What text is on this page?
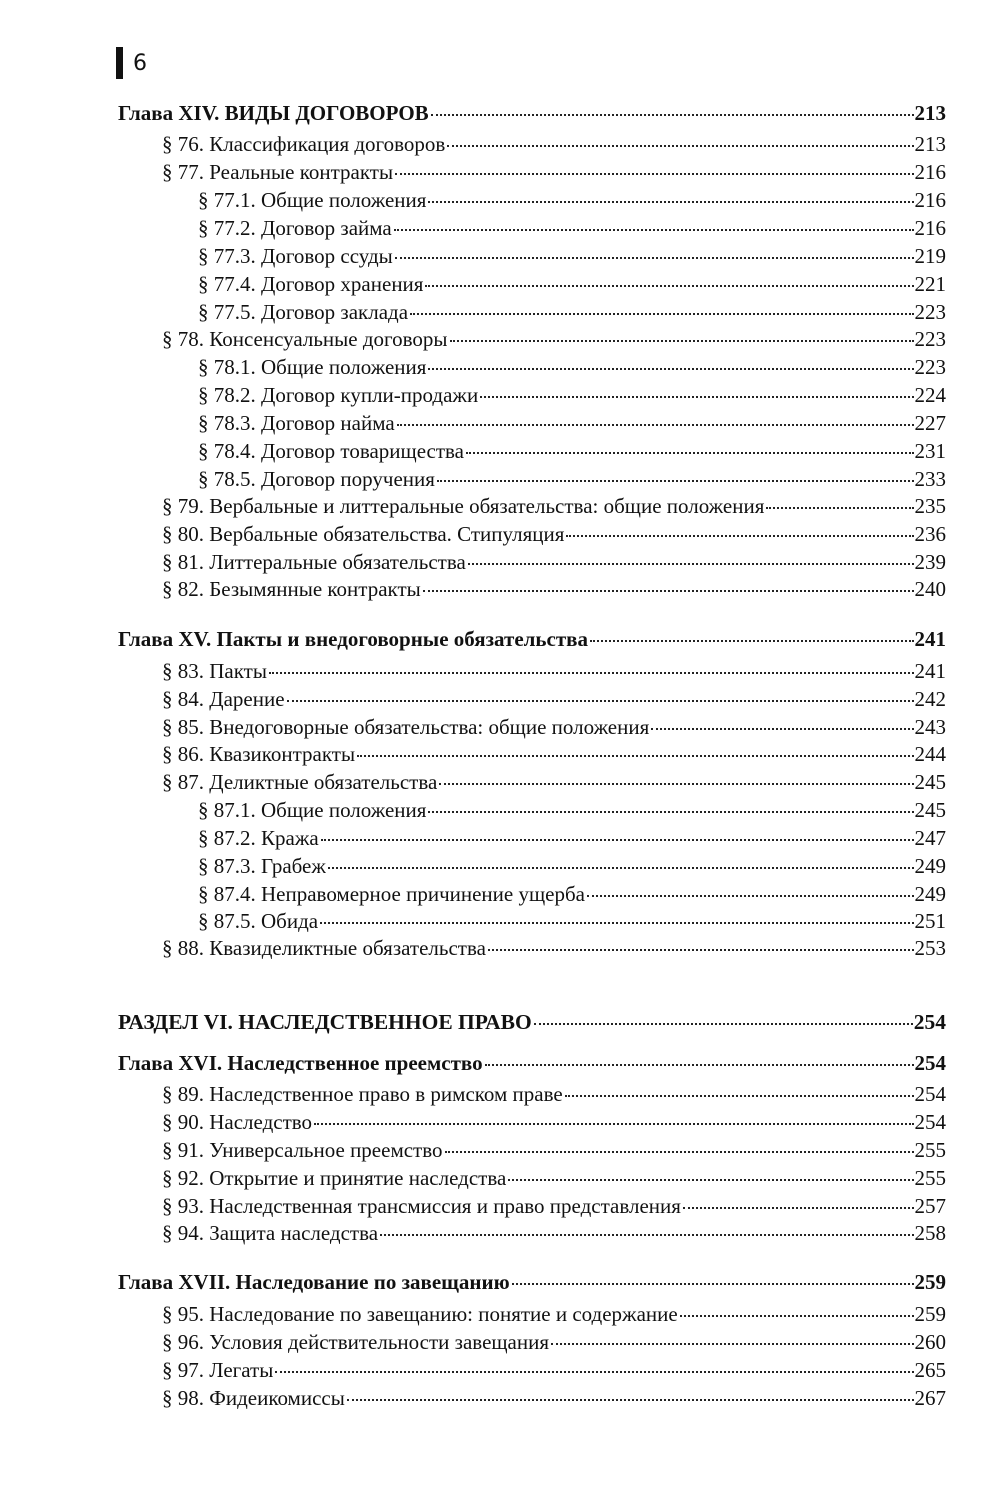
6
Глава XIV. ВИДЫ ДОГОВОРОВ	213
§ 76. Классификация договоров	213
§ 77. Реальные контракты	216
§ 77.1. Общие положения	216
§ 77.2. Договор займа	216
§ 77.3. Договор ссуды	219
§ 77.4. Договор хранения	221
§ 77.5. Договор заклада	223
§ 78. Консенсуальные договоры	223
§ 78.1. Общие положения	223
§ 78.2. Договор купли-продажи	224
§ 78.3. Договор найма	227
§ 78.4. Договор товарищества	231
§ 78.5. Договор поручения	233
§ 79. Вербальные и литтеральные обязательства: общие положения	235
§ 80. Вербальные обязательства. Стипуляция	236
§ 81. Литтеральные обязательства	239
§ 82. Безымянные контракты	240
Глава XV. Пакты и внедоговорные обязательства	241
§ 83. Пакты	241
§ 84. Дарение	242
§ 85. Внедоговорные обязательства: общие положения	243
§ 86. Квазиконтракты	244
§ 87. Деликтные обязательства	245
§ 87.1. Общие положения	245
§ 87.2. Кража	247
§ 87.3. Грабеж	249
§ 87.4. Неправомерное причинение ущерба	249
§ 87.5. Обида	251
§ 88. Квазиделиктные обязательства	253
РАЗДЕЛ VI. НАСЛЕДСТВЕННОЕ ПРАВО	254
Глава XVI. Наследственное преемство	254
§ 89. Наследственное право в римском праве	254
§ 90. Наследство	254
§ 91. Универсальное преемство	255
§ 92. Открытие и принятие наследства	255
§ 93. Наследственная трансмиссия и право представления	257
§ 94. Защита наследства	258
Глава XVII. Наследование по завещанию	259
§ 95. Наследование по завещанию: понятие и содержание	259
§ 96. Условия действительности завещания	260
§ 97. Легаты	265
§ 98. Фидеикомиссы	267
